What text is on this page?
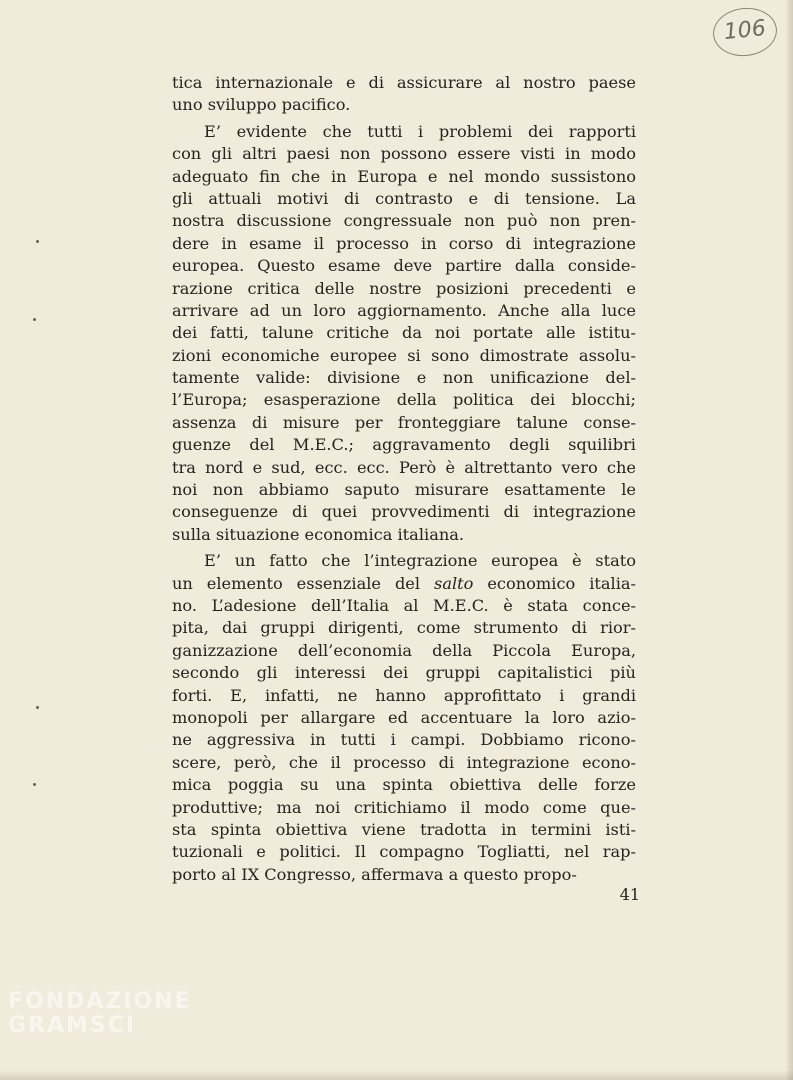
106
tica internazionale e di assicurare al nostro paese
uno sviluppo pacifico.
E’ evidente che tutti i problemi dei rapporti
con gli altri paesi non possono essere visti in modo
adeguato fin che in Europa e nel mondo sussistono
gli attuali motivi di contrasto e di tensione. La
nostra discussione congressuale non può non pren-
dere in esame il processo in corso di integrazione
europea. Questo esame deve partire dalla conside-
razione critica delle nostre posizioni precedenti e
arrivare ad un loro aggiornamento. Anche alla luce
dei fatti, talune critiche da noi portate alle istitu-
zioni economiche europee si sono dimostrate assolu-
tamente valide: divisione e non unificazione del-
l’Europa; esasperazione della politica dei blocchi;
assenza di misure per fronteggiare talune conse-
guenze del M.E.C.; aggravamento degli squilibri
tra nord e sud, ecc. ecc. Però è altrettanto vero che
noi non abbiamo saputo misurare esattamente le
conseguenze di quei provvedimenti di integrazione
sulla situazione economica italiana.
E’ un fatto che l’integrazione europea è stato
un elemento essenziale del salto economico italia-
no. L’adesione dell’Italia al M.E.C. è stata conce-
pita, dai gruppi dirigenti, come strumento di rior-
ganizzazione dell’economia della Piccola Europa,
secondo gli interessi dei gruppi capitalistici più
forti. E, infatti, ne hanno approfittato i grandi
monopoli per allargare ed accentuare la loro azio-
ne aggressiva in tutti i campi. Dobbiamo ricono-
scere, però, che il processo di integrazione econo-
mica poggia su una spinta obiettiva delle forze
produttive; ma noi critichiamo il modo come que-
sta spinta obiettiva viene tradotta in termini isti-
tuzionali e politici. Il compagno Togliatti, nel rap-
porto al IX Congresso, affermava a questo propo-
41
FONDAZIONE GRAMSCI
